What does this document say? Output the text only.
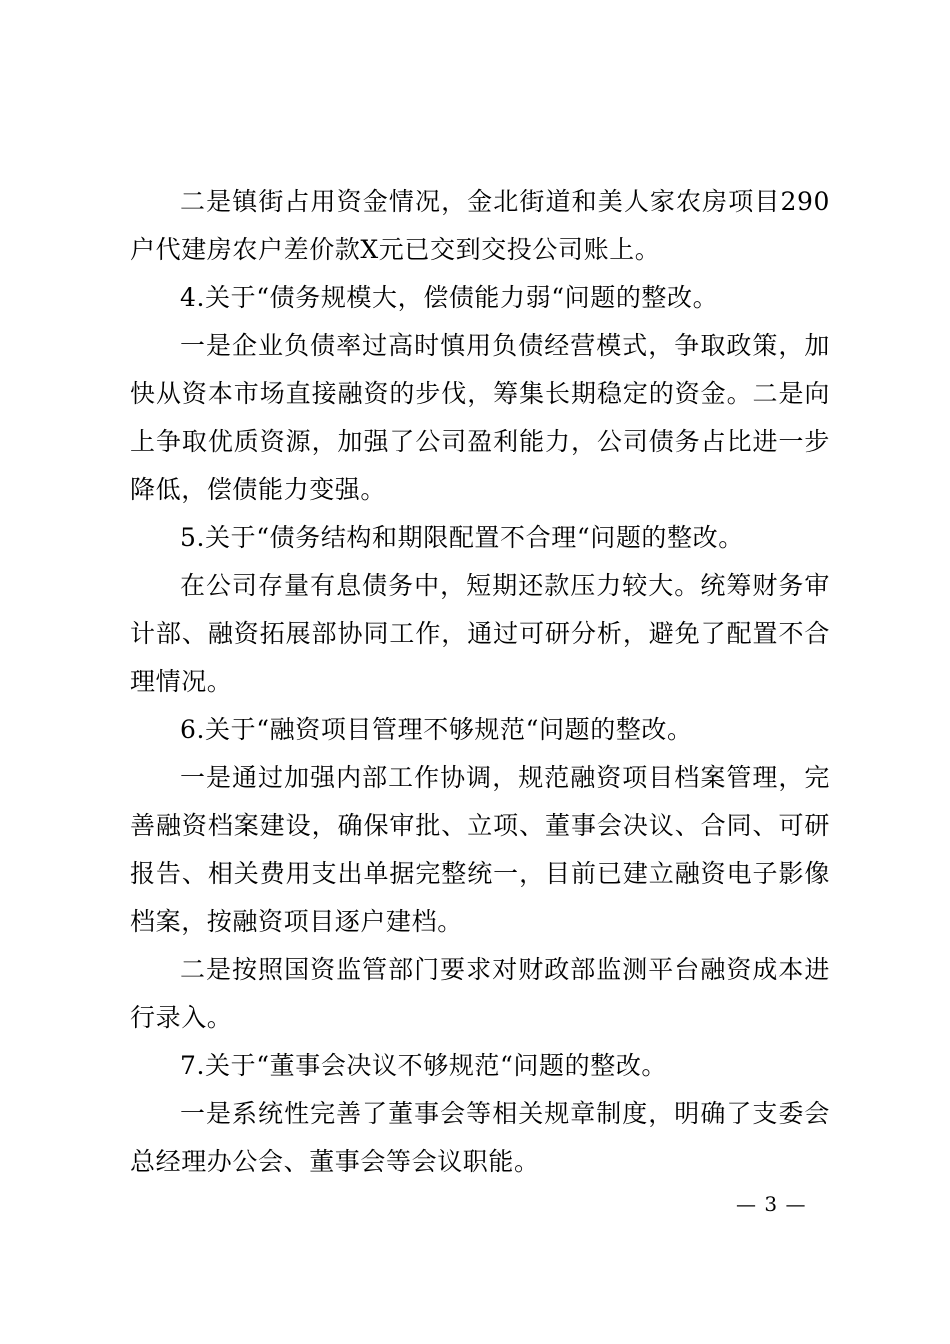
二是镇街占用资金情况，金北街道和美人家农房项目290户代建房农户差价款X元已交到交投公司账上。

4.关于“债务规模大，偿债能力弱“问题的整改。

一是企业负债率过高时慎用负债经营模式，争取政策，加快从资本市场直接融资的步伐，筹集长期稳定的资金。二是向上争取优质资源，加强了公司盈利能力，公司债务占比进一步降低，偿债能力变强。

5.关于“债务结构和期限配置不合理“问题的整改。

在公司存量有息债务中，短期还款压力较大。统筹财务审计部、融资拓展部协同工作，通过可研分析，避免了配置不合理情况。

6.关于“融资项目管理不够规范“问题的整改。

一是通过加强内部工作协调，规范融资项目档案管理，完善融资档案建设，确保审批、立项、董事会决议、合同、可研报告、相关费用支出单据完整统一，目前已建立融资电子影像档案，按融资项目逐户建档。

二是按照国资监管部门要求对财政部监测平台融资成本进行录入。

7.关于“董事会决议不够规范“问题的整改。

一是系统性完善了董事会等相关规章制度，明确了支委会总经理办公会、董事会等会议职能。

— 3 —
